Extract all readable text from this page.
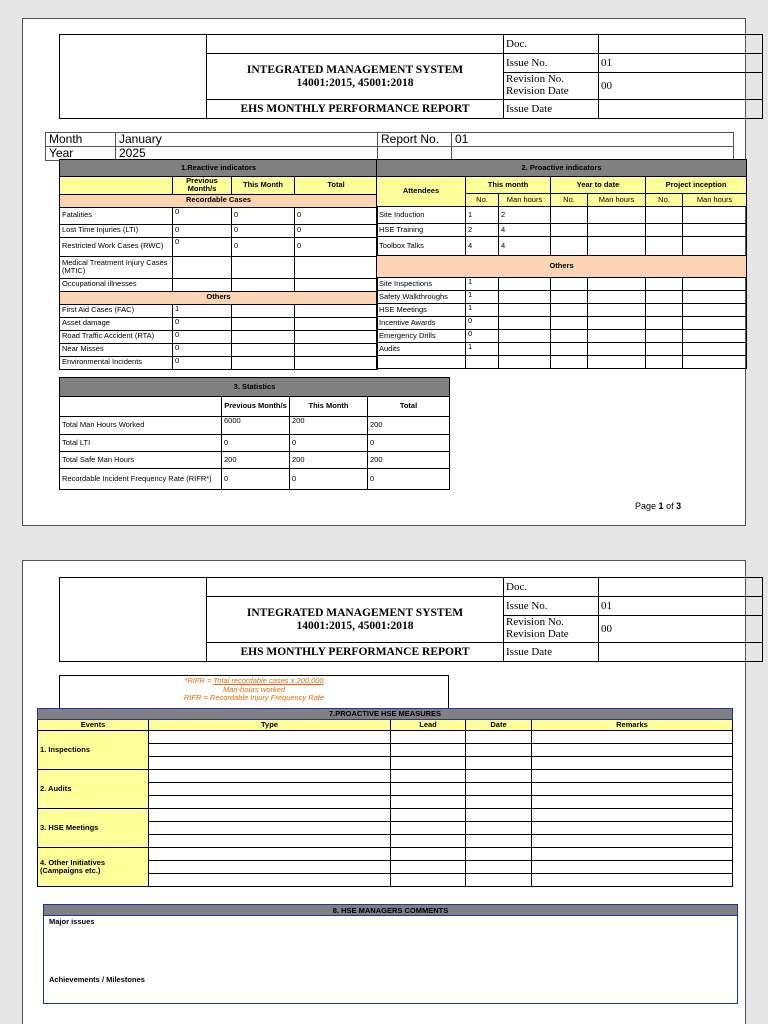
		Doc.	
	INTEGRATED MANAGEMENT SYSTEM
14001:2015, 45001:2018	Issue No.	01
		Revision No.
Revision Date	00
	EHS MONTHLY PERFORMANCE REPORT	Issue Date	
Month	January	Report No.	01
Year	2025		
1.Reactive indicators			
	Previous Month/s	This Month	Total
Recordable Cases			
Fatalities	0	0	0
Lost Time Injuries (LTI)	0	0	0
Restricted Work Cases (RWC)	0	0	0
Medical Treatment Injury Cases (MTIC)			
Occupational illnesses			
Others			
First Aid Cases (FAC)	1		
Asset damage	0		
Road Traffic Accident (RTA)	0		
Near Misses	0		
Environmental Incidents	0		
2. Proactive indicators						
Attendees	This month		Year to date		Project inception	
	No.	Man hours	No.	Man hours	No.	Man hours
Site Induction	1	2				
HSE Training	2	4				
Toolbox Talks	4	4				
Others						
Site Inspections	1					
Safety Walkthroughs	1					
HSE Meetings	1					
Incentive Awards	0					
Emergency Drills	0					
Audits	1					

3. Statistics			
	Previous Month/s	This Month	Total
Total Man Hours Worked	6000	200	200
Total LTI	0	0	0
Total Safe Man Hours	200	200	200
Recordable Incident Frequency Rate (RIFR*)	0	0	0
Page 1 of 3
		Doc.	
	INTEGRATED MANAGEMENT SYSTEM
14001:2015, 45001:2018	Issue No.	01
		Revision No.
Revision Date	00
	EHS MONTHLY PERFORMANCE REPORT	Issue Date	
*RIFR = Total recordable cases x 200,000
Man-hours worked
RIFR = Recordable Injury Frequency Rate
7.PROACTIVE HSE MEASURES				
Events	Type	Lead	Date	Remarks
1. Inspections				

2. Audits				

3. HSE Meetings				

4. Other Initiatives (Campaigns etc.)				

8. HSE MANAGERS COMMENTS
Major issues
Achievements / Milestones
